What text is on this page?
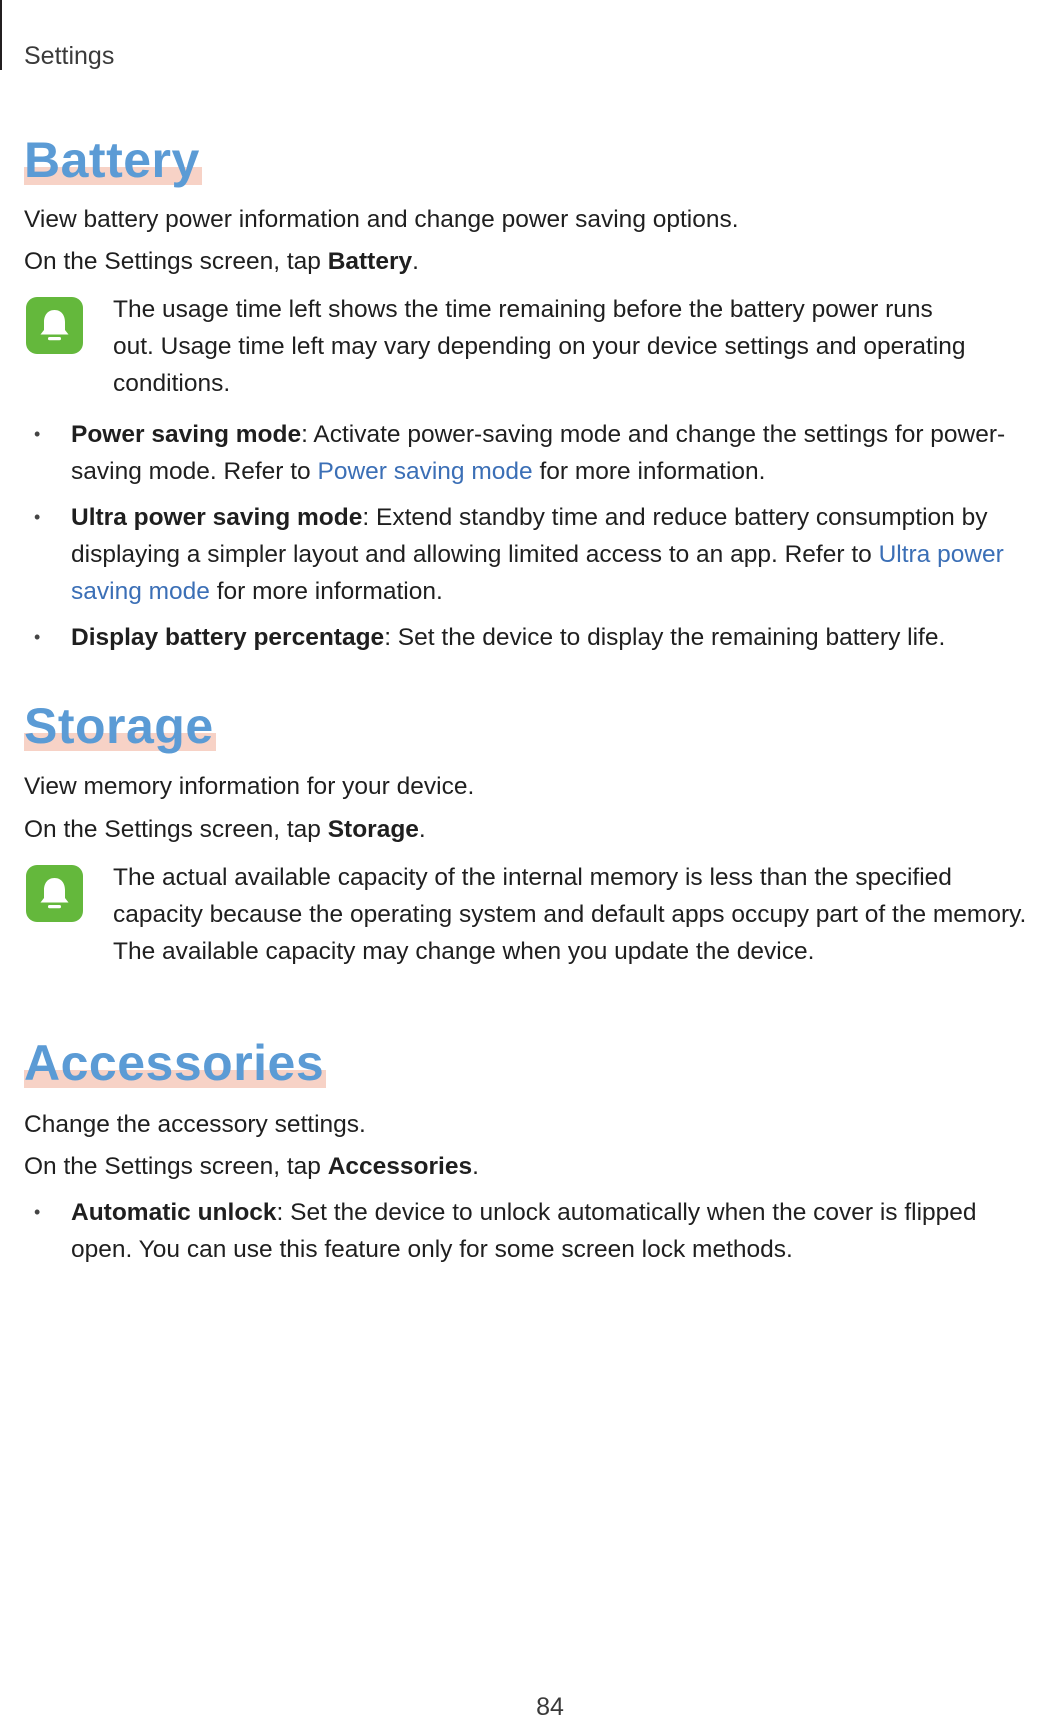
Settings
Battery

View battery power information and change power saving options.

On the Settings screen, tap Battery.

The usage time left shows the time remaining before the battery power runs
out. Usage time left may vary depending on your device settings and operating
conditions.

• Power saving mode: Activate power-saving mode and change the settings for power-
saving mode. Refer to Power saving mode for more information.
• Ultra power saving mode: Extend standby time and reduce battery consumption by
displaying a simpler layout and allowing limited access to an app. Refer to Ultra power
saving mode for more information.
• Display battery percentage: Set the device to display the remaining battery life.
Storage

View memory information for your device.

On the Settings screen, tap Storage.

The actual available capacity of the internal memory is less than the specified
capacity because the operating system and default apps occupy part of the memory.
The available capacity may change when you update the device.

Accessories

Change the accessory settings.

On the Settings screen, tap Accessories.

• Automatic unlock: Set the device to unlock automatically when the cover is flipped
open. You can use this feature only for some screen lock methods.
84
